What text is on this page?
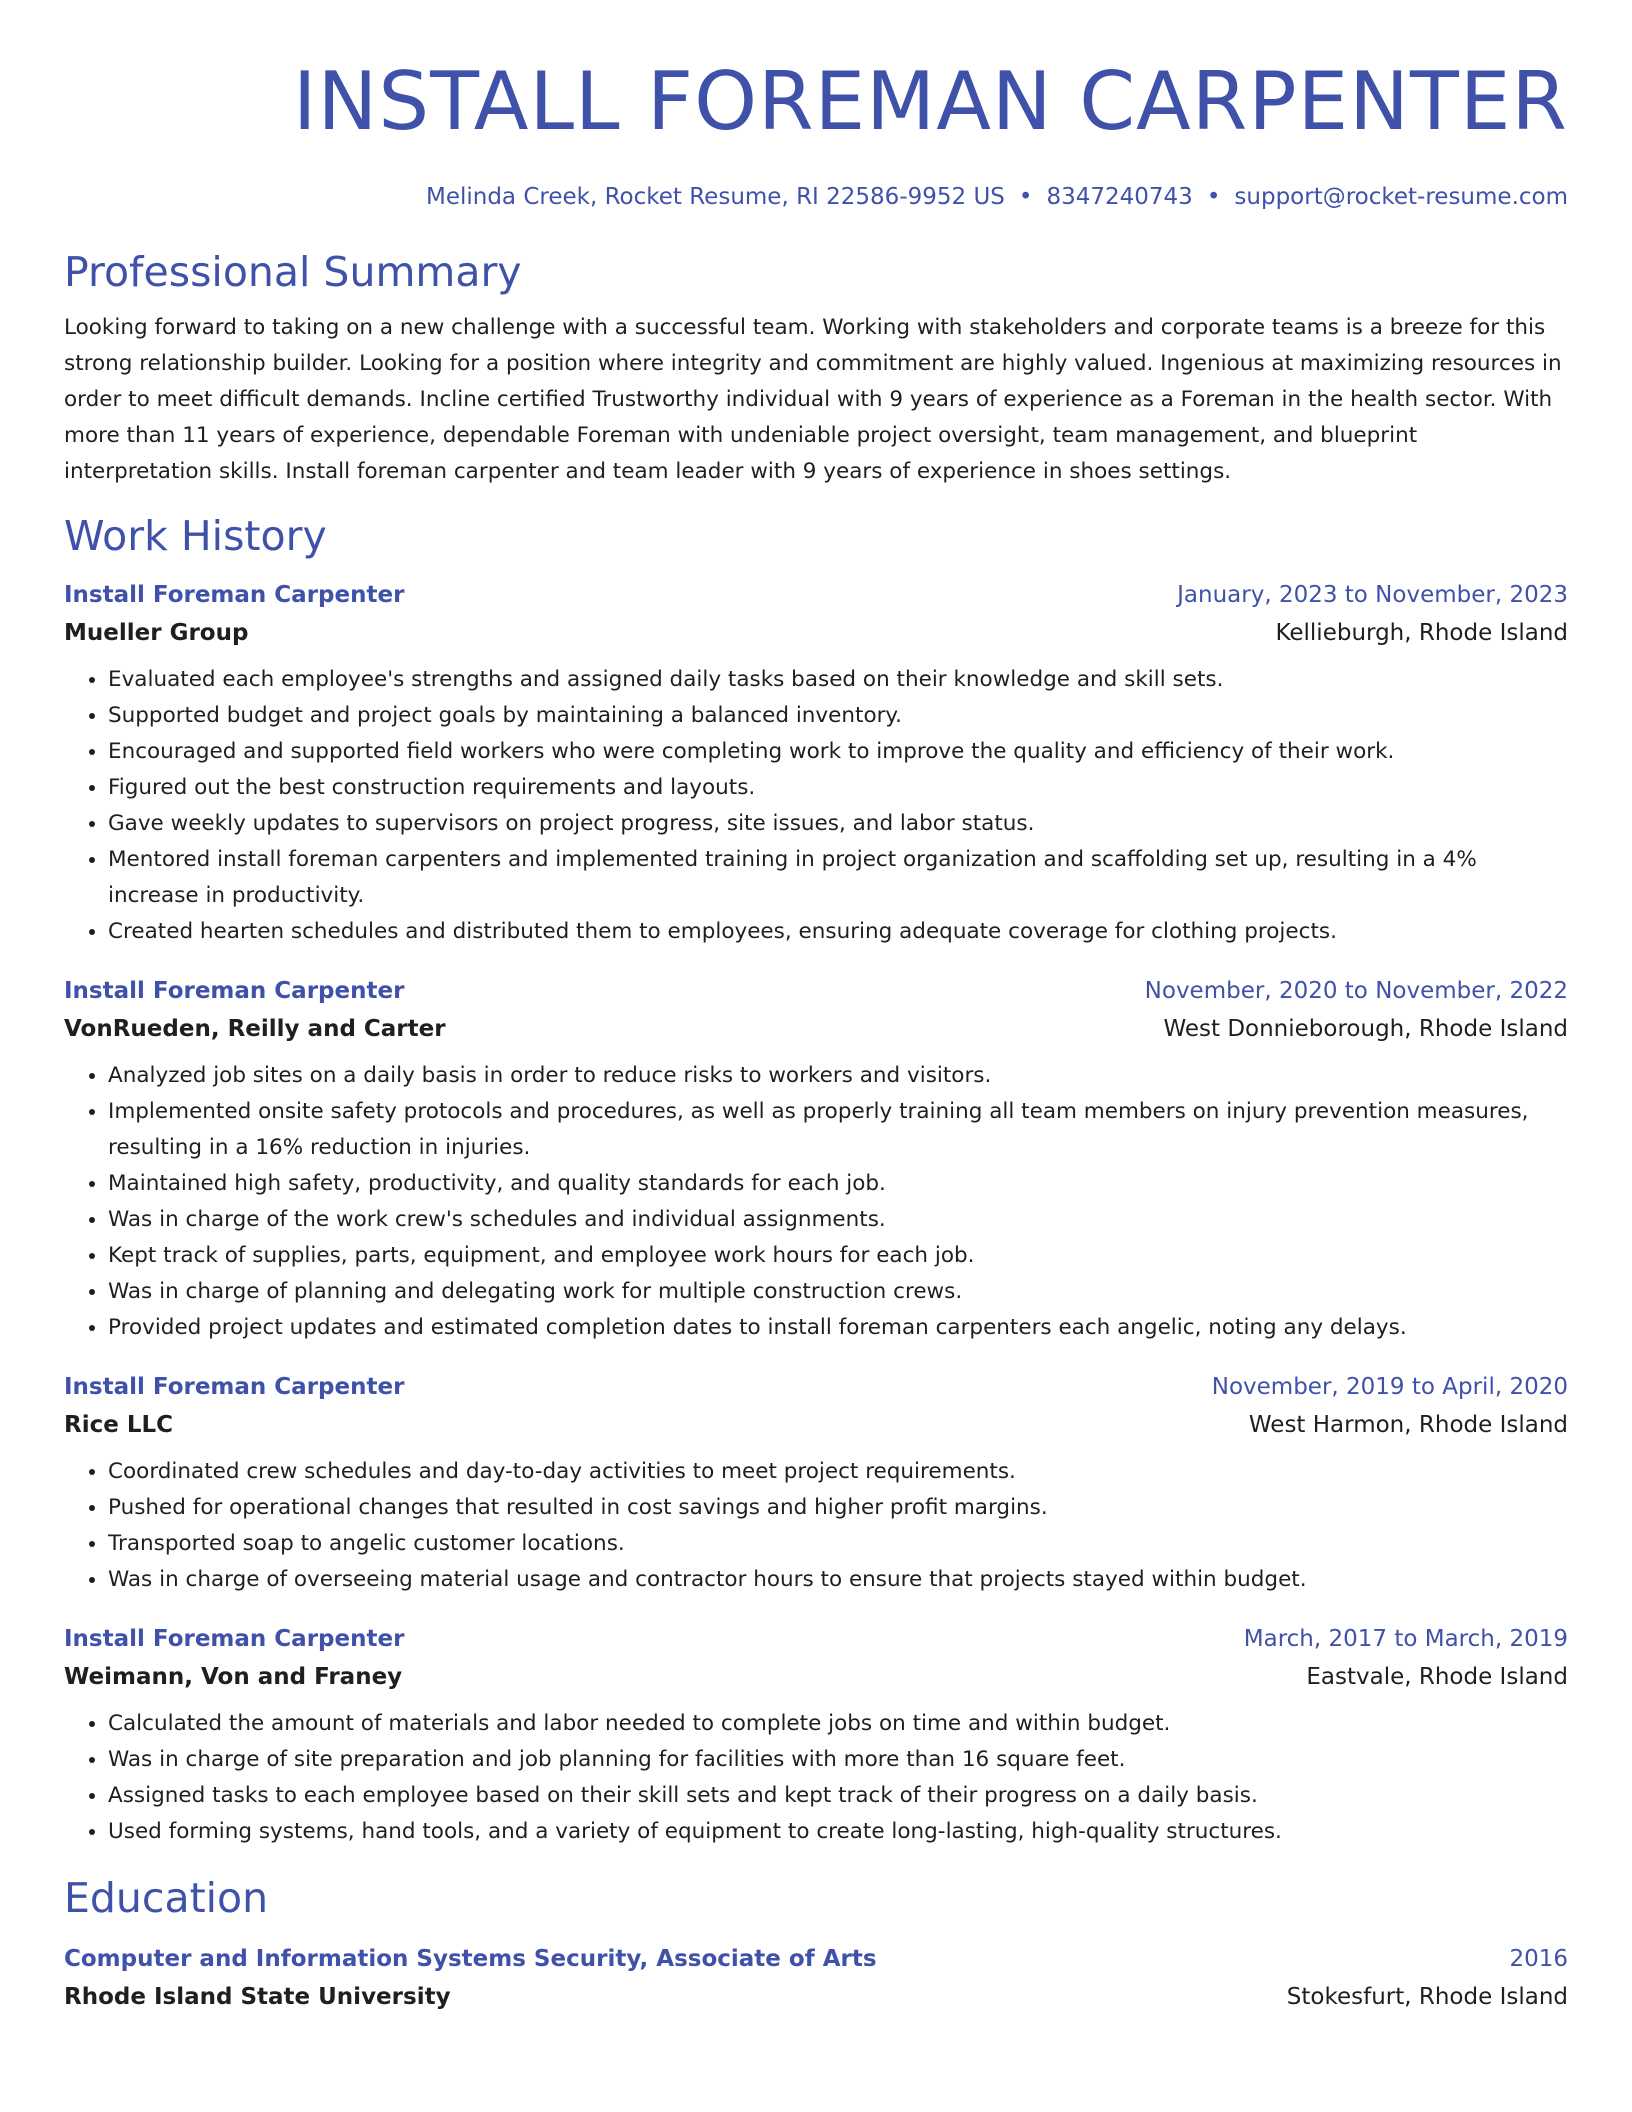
INSTALL FOREMAN CARPENTER
Melinda Creek, Rocket Resume, RI 22586-9952 US • 8347240743 • support@rocket-resume.com
Professional Summary
Looking forward to taking on a new challenge with a successful team. Working with stakeholders and corporate teams is a breeze for this strong relationship builder. Looking for a position where integrity and commitment are highly valued. Ingenious at maximizing resources in order to meet difficult demands. Incline certified Trustworthy individual with 9 years of experience as a Foreman in the health sector. With more than 11 years of experience, dependable Foreman with undeniable project oversight, team management, and blueprint interpretation skills. Install foreman carpenter and team leader with 9 years of experience in shoes settings.
Work History
Install Foreman Carpenter	January, 2023 to November, 2023
Mueller Group	Kellieburgh, Rhode Island
• Evaluated each employee's strengths and assigned daily tasks based on their knowledge and skill sets.
• Supported budget and project goals by maintaining a balanced inventory.
• Encouraged and supported field workers who were completing work to improve the quality and efficiency of their work.
• Figured out the best construction requirements and layouts.
• Gave weekly updates to supervisors on project progress, site issues, and labor status.
• Mentored install foreman carpenters and implemented training in project organization and scaffolding set up, resulting in a 4% increase in productivity.
• Created hearten schedules and distributed them to employees, ensuring adequate coverage for clothing projects.
Install Foreman Carpenter	November, 2020 to November, 2022
VonRueden, Reilly and Carter	West Donnieborough, Rhode Island
• Analyzed job sites on a daily basis in order to reduce risks to workers and visitors.
• Implemented onsite safety protocols and procedures, as well as properly training all team members on injury prevention measures, resulting in a 16% reduction in injuries.
• Maintained high safety, productivity, and quality standards for each job.
• Was in charge of the work crew's schedules and individual assignments.
• Kept track of supplies, parts, equipment, and employee work hours for each job.
• Was in charge of planning and delegating work for multiple construction crews.
• Provided project updates and estimated completion dates to install foreman carpenters each angelic, noting any delays.
Install Foreman Carpenter	November, 2019 to April, 2020
Rice LLC	West Harmon, Rhode Island
• Coordinated crew schedules and day-to-day activities to meet project requirements.
• Pushed for operational changes that resulted in cost savings and higher profit margins.
• Transported soap to angelic customer locations.
• Was in charge of overseeing material usage and contractor hours to ensure that projects stayed within budget.
Install Foreman Carpenter	March, 2017 to March, 2019
Weimann, Von and Franey	Eastvale, Rhode Island
• Calculated the amount of materials and labor needed to complete jobs on time and within budget.
• Was in charge of site preparation and job planning for facilities with more than 16 square feet.
• Assigned tasks to each employee based on their skill sets and kept track of their progress on a daily basis.
• Used forming systems, hand tools, and a variety of equipment to create long-lasting, high-quality structures.
Education
Computer and Information Systems Security, Associate of Arts	2016
Rhode Island State University	Stokesfurt, Rhode Island
